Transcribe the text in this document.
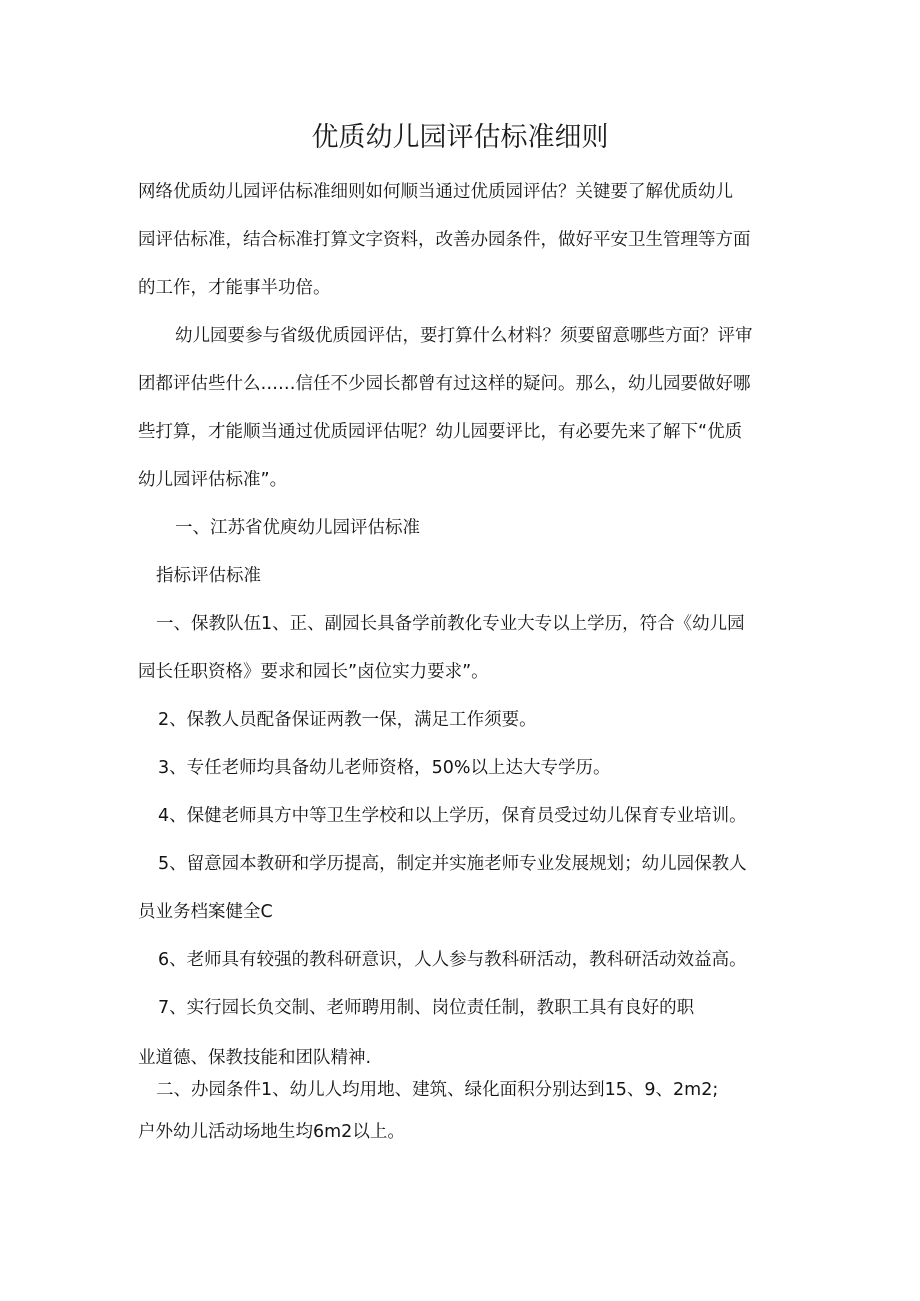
优质幼儿园评估标准细则

网络优质幼儿园评估标准细则如何顺当通过优质园评估？关键要了解优质幼儿

园评估标准，结合标准打算文字资料，改善办园条件，做好平安卫生管理等方面

的工作，才能事半功倍。

幼儿园要参与省级优质园评估，要打算什么材料？须要留意哪些方面？评审

团都评估些什么……信任不少园长都曾有过这样的疑问。那么，幼儿园要做好哪

些打算，才能顺当通过优质园评估呢？幼儿园要评比，有必要先来了解下“优质

幼儿园评估标准”。

一、江苏省优庾幼儿园评估标准

指标评估标准

一、保教队伍1、正、副园长具备学前教化专业大专以上学历，符合《幼儿园

园长任职资格》要求和园长”卤位实力要求”。

2、保教人员配备保证两教一保，满足工作须要。

3、专任老师均具备幼儿老师资格，50%以上达大专学历。

4、保健老师具方中等卫生学校和以上学历，保育员受过幼儿保育专业培训。

5、留意园本教研和学历提高，制定并实施老师专业发展规划；幼儿园保教人

员业务档案健全C

6、老师具有较强的教科研意识，人人参与教科研活动，教科研活动效益高。

7、实行园长负交制、老师聘用制、岗位责任制，教职工具有良好的职

业道德、保教技能和团队精神.

二、办园条件1、幼儿人均用地、建筑、绿化面积分别达到15、9、2m2;

户外幼儿活动场地生均6m2以上。
